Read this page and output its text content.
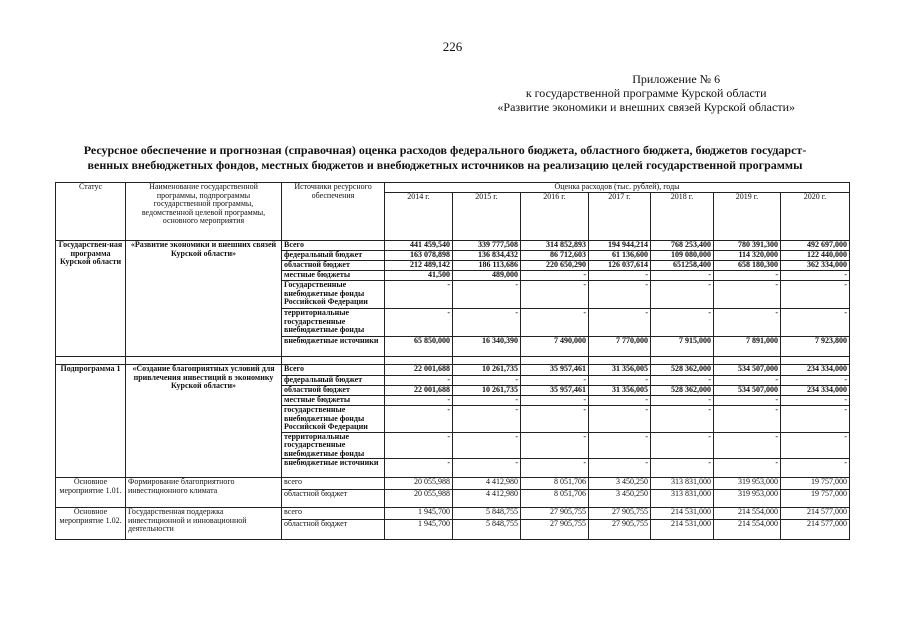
226
Приложение № 6
к государственной программе Курской области
«Развитие экономики и внешних связей Курской области»
Ресурсное обеспечение и прогнозная (справочная) оценка расходов федерального бюджета, областного бюджета, бюджетов государст-
венных внебюджетных фондов, местных бюджетов и внебюджетных источников на реализацию целей государственной программы
Статус	Наименование государственной программы, подпрограммы государственной программы, ведомственной целевой программы, основного мероприятия	Источники ресурсного обеспечения	Оценка расходов (тыс. рублей), годы						
			2014 г.	2015 г.	2016 г.	2017 г.	2018 г.	2019 г.	2020 г.
Государствен-ная программа Курской области	«Развитие экономики и внешних связей Курской области»	Всего	441 459,540	339 777,508	314 852,893	194 944,214	768 253,400	780 391,300	492 697,000
		федеральный бюджет	163 078,898	136 834,432	86 712,603	61 136,600	109 080,000	114 320,000	122 440,000
		областной бюджет	212 489,142	186 113,686	220 650,290	126 037,614	651258,400	658 180,300	362 334,000
		местные бюджеты	41,500	489,000	-	-	-	-	-
		Государственные внебюджетные фонды Российской Федерации	-	-	-	-	-	-	-
		территориальные государственные внебюджетные фонды	-	-	-	-	-	-	-
		внебюджетные источники	65 850,000	16 340,390	7 490,000	7 770,000	7 915,000	7 891,000	7 923,800

Подпрограмма 1	«Создание благоприятных условий для привлечения инвестиций в экономику Курской области»	Всего	22 001,688	10 261,735	35 957,461	31 356,005	528 362,000	534 507,000	234 334,000
		федеральный бюджет	-	-	-	-	-	-	-
		областной бюджет	22 001,688	10 261,735	35 957,461	31 356,005	528 362,000	534 507,000	234 334,000
		местные бюджеты	-	-	-	-	-	-	-
		государственные внебюджетные фонды Российской Федерации	-	-	-	-	-	-	-
		территориальные государственные внебюджетные фонды	-	-	-	-	-	-	-
		внебюджетные источники	-	-	-	-	-	-	-
Основное мероприятие 1.01.	Формирование благоприятного инвестиционного климата	всего	20 055,988	4 412,980	8 051,706	3 450,250	313 831,000	319 953,000	19 757,000
		областной бюджет	20 055,988	4 412,980	8 051,706	3 450,250	313 831,000	319 953,000	19 757,000
Основное мероприятие 1.02.	Государственная поддержка инвестиционной и инновационной деятельности	всего	1 945,700	5 848,755	27 905,755	27 905,755	214 531,000	214 554,000	214 577,000
		областной бюджет	1 945,700	5 848,755	27 905,755	27 905,755	214 531,000	214 554,000	214 577,000
